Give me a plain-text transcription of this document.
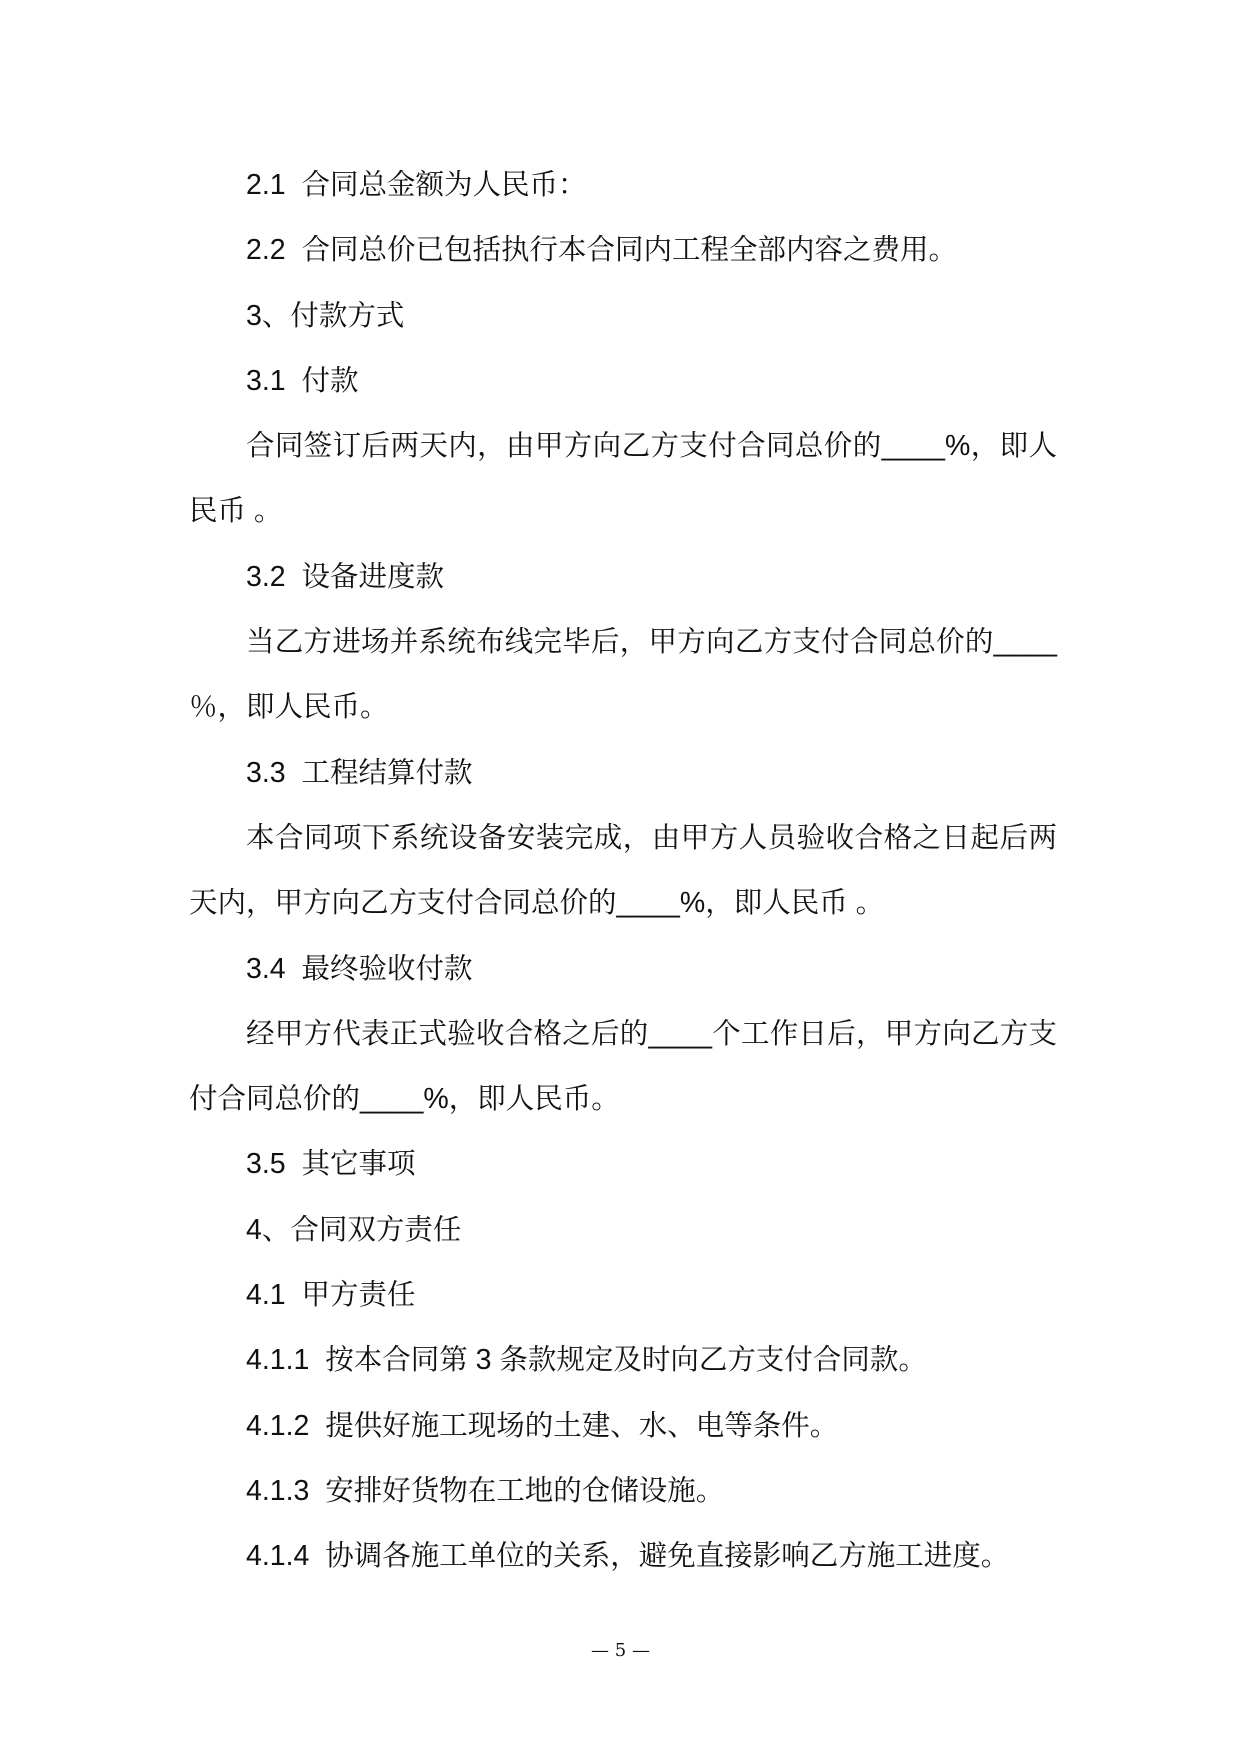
2.1  合同总金额为人民币：
2.2  合同总价已包括执行本合同内工程全部内容之费用。
3、付款方式
3.1  付款
合同签订后两天内，由甲方向乙方支付合同总价的____%，即人
民币 。
3.2  设备进度款
当乙方进场并系统布线完毕后，甲方向乙方支付合同总价的____
％，即人民币。
3.3  工程结算付款
本合同项下系统设备安装完成，由甲方人员验收合格之日起后两
天内，甲方向乙方支付合同总价的____%，即人民币 。
3.4  最终验收付款
经甲方代表正式验收合格之后的____个工作日后，甲方向乙方支
付合同总价的____%，即人民币。
3.5  其它事项
4、合同双方责任
4.1  甲方责任
4.1.1  按本合同第 3 条款规定及时向乙方支付合同款。
4.1.2  提供好施工现场的土建、水、电等条件。
4.1.3  安排好货物在工地的仓储设施。
4.1.4  协调各施工单位的关系，避免直接影响乙方施工进度。
— 5 —
